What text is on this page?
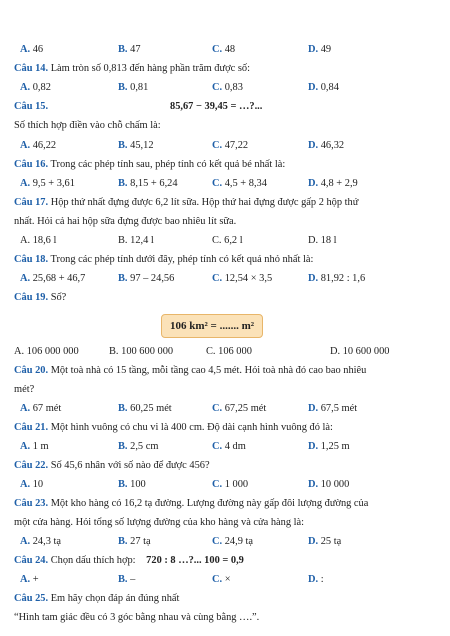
A. 46	B. 47	C. 48	D. 49
Câu 14. Làm tròn số 0,813 đến hàng phần trăm được số:
A. 0,82	B. 0,81	C. 0,83	D. 0,84
Câu 15.	85,67 − 39,45 = …?...
Số thích hợp điền vào chỗ chấm là:
A. 46,22	B. 45,12	C. 47,22	D. 46,32
Câu 16. Trong các phép tính sau, phép tính có kết quả bé nhất là:
A. 9,5 + 3,61	B. 8,15 + 6,24	C. 4,5 + 8,34	D. 4,8 + 2,9
Câu 17. Hộp thứ nhất đựng được 6,2 lít sữa. Hộp thứ hai đựng được gấp 2 hộp thứ
nhất. Hỏi cả hai hộp sữa đựng được bao nhiêu lít sữa.
A. 18,6 l	B. 12,4 l	C. 6,2 l	D. 18 l
Câu 18. Trong các phép tính dưới đây, phép tính có kết quả nhỏ nhất là:
A. 25,68 + 46,7	B. 97 – 24,56	C. 12,54 × 3,5	D. 81,92 : 1,6
Câu 19. Số?
106 km² = ....... m²
A. 106 000 000	B. 100 600 000	C. 106 000	D. 10 600 000
Câu 20. Một toà nhà có 15 tầng, mỗi tầng cao 4,5 mét. Hỏi toà nhà đó cao bao nhiêu
mét?
A. 67 mét	B. 60,25 mét	C. 67,25 mét	D. 67,5 mét
Câu 21. Một hình vuông có chu vi là 400 cm. Độ dài cạnh hình vuông đó là:
A. 1 m	B. 2,5 cm	C. 4 dm	D. 1,25 m
Câu 22. Số 45,6 nhân với số nào để được 456?
A. 10	B. 100	C. 1 000	D. 10 000
Câu 23. Một kho hàng có 16,2 tạ đường. Lượng đường này gấp đôi lượng đường của
một cửa hàng. Hỏi tổng số lượng đường của kho hàng và cửa hàng là:
A. 24,3 tạ	B. 27 tạ	C. 24,9 tạ	D. 25 tạ
Câu 24. Chọn dấu thích hợp: 720 : 8 …?... 100 = 0,9
A. +	B. –	C. ×	D. :
Câu 25. Em hãy chọn đáp án đúng nhất
“Hình tam giác đều có 3 góc bằng nhau và cùng bằng ….”.
